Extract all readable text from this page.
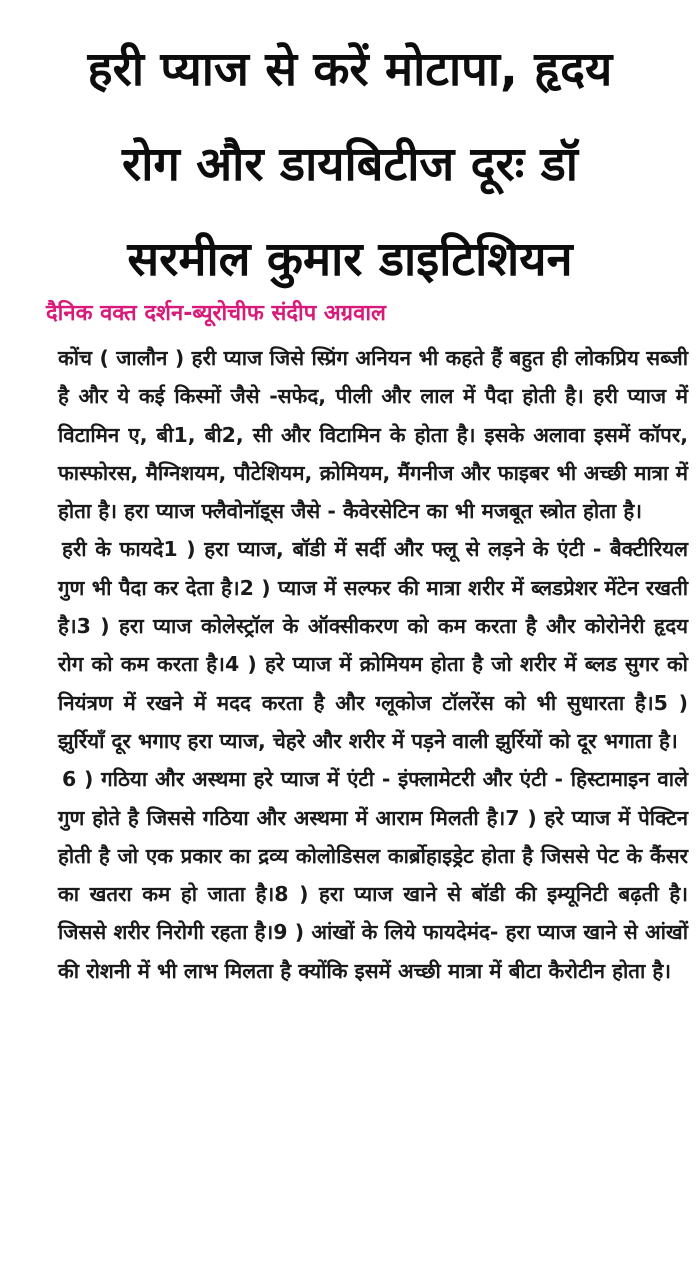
हरी प्याज से करें मोटापा, हृदय
रोग और डायबिटीज दूरः डॉ
सरमील कुमार डाइटिशियन
दैनिक वक्त दर्शन-ब्यूरोचीफ संदीप अग्रवाल

कोंच ( जालौन ) हरी प्याज जिसे स्प्रिंग अनियन भी कहते हैं बहुत ही लोकप्रिय सब्जी है और ये कई किस्मों जैसे -सफेद, पीली और लाल में पैदा होती है। हरी प्याज में विटामिन ए, बी1, बी2, सी और विटामिन के होता है। इसके अलावा इसमें कॉपर, फास्फोरस, मैग्निशयम, पौटेशियम, क्रोमियम, मैंगनीज और फाइबर भी अच्छी मात्रा में होता है। हरा प्याज फ्लैवोनॉइ्स जैसे - कैवेरसेटिन का भी मजबूत स्त्रोत होता है।

हरी के फायदे1 ) हरा प्याज, बॉडी में सर्दी और फ्लू से लड़ने के एंटी - बैक्टीरियल गुण भी पैदा कर देता है।2 ) प्याज में सल्फर की मात्रा शरीर में ब्लडप्रेशर मेंटेन रखती है।3 ) हरा प्याज कोलेस्ट्रॉल के ऑक्सीकरण को कम करता है और कोरोनेरी हृदय रोग को कम करता है।4 ) हरे प्याज में क्रोमियम होता है जो शरीर में ब्लड सुगर को नियंत्रण में रखने में मदद करता है और ग्लूकोज टॉलरेंस को भी सुधारता है।5 ) झुर्रियाँ दूर भगाए हरा प्याज, चेहरे और शरीर में पड़ने वाली झुर्रियों को दूर भगाता है।

6 ) गठिया और अस्थमा हरे प्याज में एंटी - इंफ्लामेटरी और एंटी - हिस्टामाइन वाले गुण होते है जिससे गठिया और अस्थमा में आराम मिलती है।7 ) हरे प्याज में पेक्टिन होती है जो एक प्रकार का द्रव्य कोलोडिसल कार्ब्रोहाइड्रेट होता है जिससे पेट के कैंसर का खतरा कम हो जाता है।8 ) हरा प्याज खाने से बॉडी की इम्यूनिटी बढ़ती है। जिससे शरीर निरोगी रहता है।9 ) आंखों के लिये फायदेमंद- हरा प्याज खाने से आंखों की रोशनी में भी लाभ मिलता है क्योंकि इसमें अच्छी मात्रा में बीटा कैरोटीन होता है।
